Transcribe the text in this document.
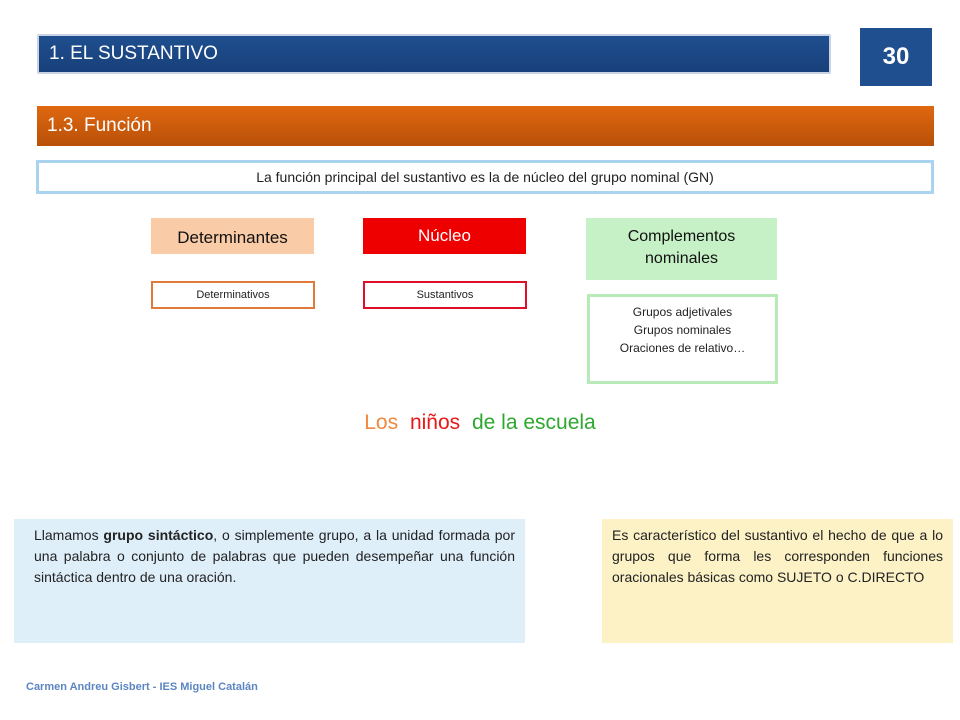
1. EL SUSTANTIVO	30
1.3. Función
La función principal del sustantivo es la de núcleo del grupo nominal (GN)
Determinantes	Núcleo	Complementos
nominales
Determinativos	Sustantivos
Grupos adjetivales
Grupos nominales
Oraciones de relativo…
Los niños de la escuela
Llamamos grupo sintáctico, o simplemente grupo, a la unidad formada por una palabra o conjunto de palabras que pueden desempeñar una función sintáctica dentro de una oración.
Es característico del sustantivo el hecho de que a lo grupos que forma les corresponden funciones oracionales básicas como SUJETO o C.DIRECTO
Carmen Andreu Gisbert - IES Miguel Catalán
